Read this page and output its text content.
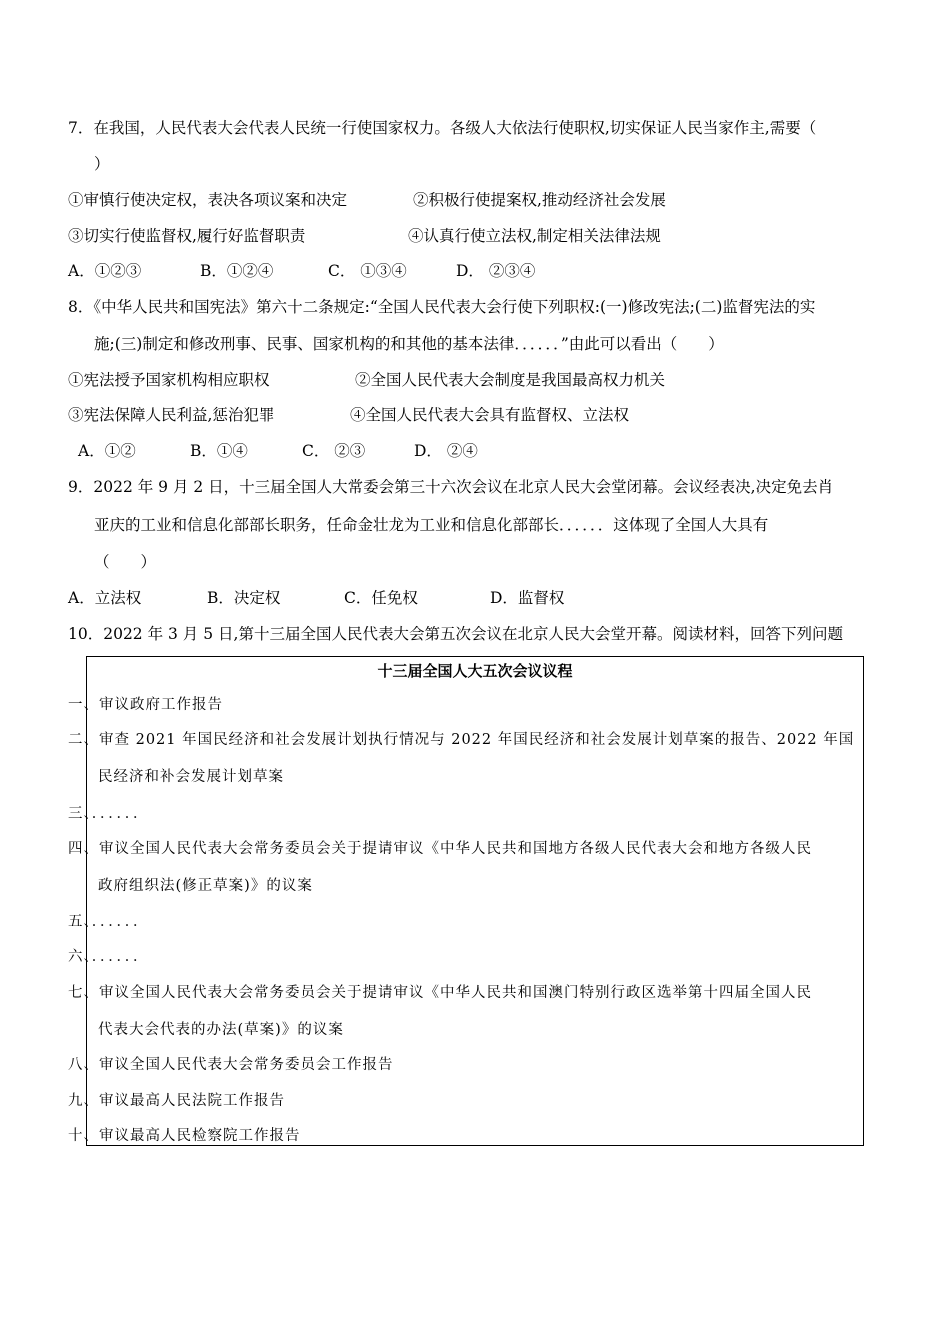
7．在我国，人民代表大会代表人民统一行使国家权力。各级人大依法行使职权,切实保证人民当家作主,需要（
）
①审慎行使决定权，表决各项议案和决定	②积极行使提案权,推动经济社会发展
③切实行使监督权,履行好监督职责	④认真行使立法权,制定相关法律法规
A．①②③	B．①②④	C． ①③④	D． ②③④
8．《中华人民共和国宪法》第六十二条规定:“全国人民代表大会行使下列职权:(一)修改宪法;(二)监督宪法的实
施;(三)制定和修改刑事、民事、国家机构的和其他的基本法律．．．．．．”由此可以看出（　　）
①宪法授予国家机构相应职权	②全国人民代表大会制度是我国最高权力机关
③宪法保障人民利益,惩治犯罪	④全国人民代表大会具有监督权、立法权
A．①②	B．①④	C． ②③	D． ②④
9．2022 年 9 月 2 日，十三届全国人大常委会第三十六次会议在北京人民大会堂闭幕。会议经表决,决定免去肖
亚庆的工业和信息化部部长职务，任命金壮龙为工业和信息化部部长．．．．．．这体现了全国人大具有
（　　）
A．立法权	B．决定权	C．任免权	D．监督权
10．2022 年 3 月 5 日,第十三届全国人民代表大会第五次会议在北京人民大会堂开幕。阅读材料，回答下列问题
十三届全国人大五次会议议程
一、审议政府工作报告
二、审查 2021 年国民经济和社会发展计划执行情况与 2022 年国民经济和社会发展计划草案的报告、2022 年国
民经济和补会发展计划草案
三、．．．．．．
四、审议全国人民代表大会常务委员会关于提请审议《中华人民共和国地方各级人民代表大会和地方各级人民
政府组织法(修正草案)》的议案
五、．．．．．．
六、．．．．．．
七、审议全国人民代表大会常务委员会关于提请审议《中华人民共和国澳门特别行政区选举第十四届全国人民
代表大会代表的办法(草案)》的议案
八、审议全国人民代表大会常务委员会工作报告
九、审议最高人民法院工作报告
十、审议最高人民检察院工作报告
